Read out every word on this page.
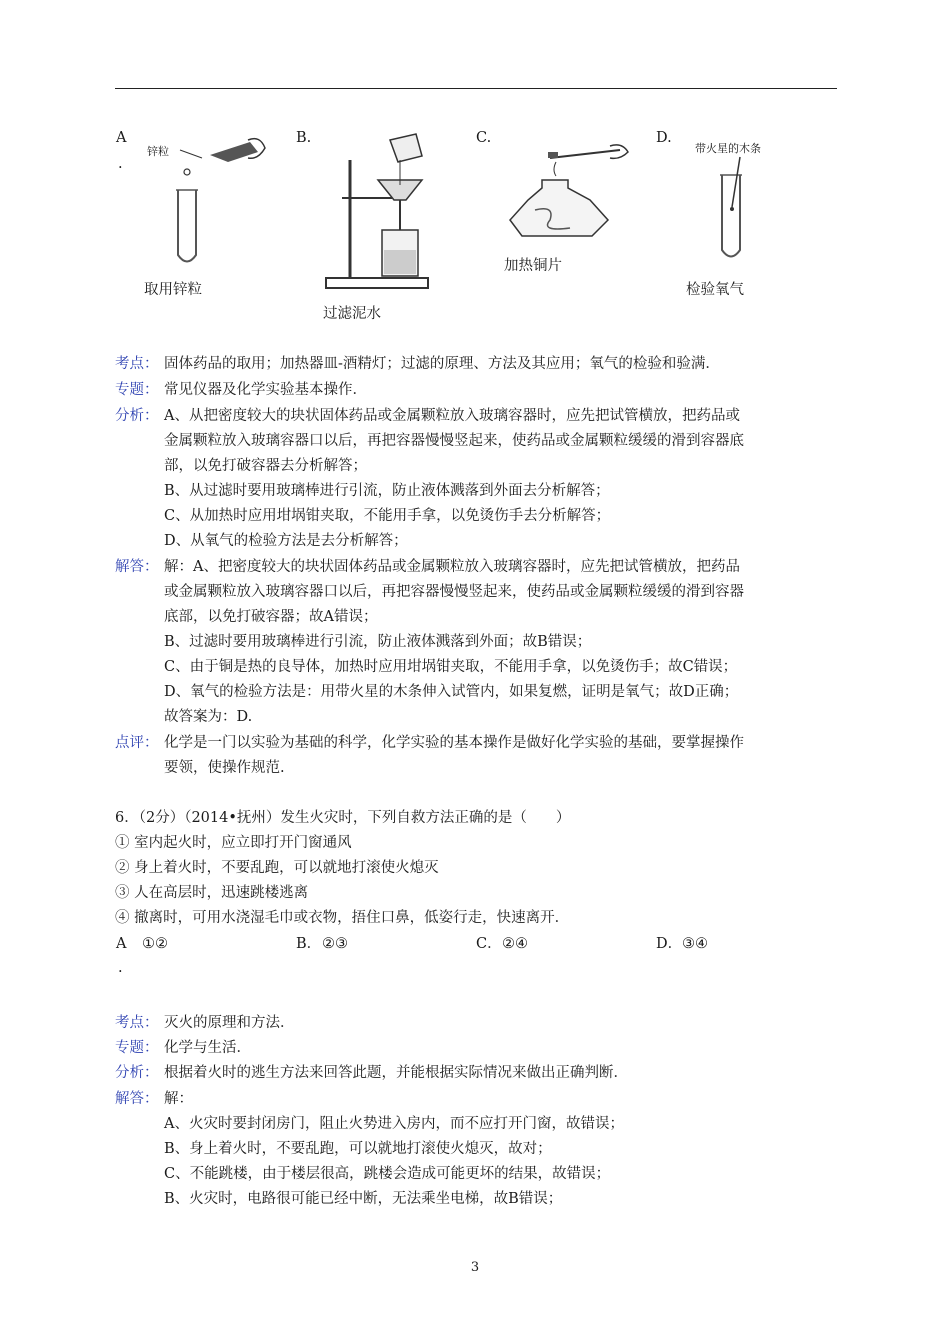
A
.
锌粒
取用锌粒
B.
过滤泥水
C.
加热铜片
D.
带火星的木条
检验氧气
考点： 固体药品的取用；加热器皿-酒精灯；过滤的原理、方法及其应用；氧气的检验和验满．
专题： 常见仪器及化学实验基本操作．
分析： A、从把密度较大的块状固体药品或金属颗粒放入玻璃容器时，应先把试管横放，把药品或
金属颗粒放入玻璃容器口以后，再把容器慢慢竖起来，使药品或金属颗粒缓缓的滑到容器底
部，以免打破容器去分析解答；
B、从过滤时要用玻璃棒进行引流，防止液体溅落到外面去分析解答；
C、从加热时应用坩埚钳夹取，不能用手拿，以免烫伤手去分析解答；
D、从氧气的检验方法是去分析解答；
解答： 解：A、把密度较大的块状固体药品或金属颗粒放入玻璃容器时，应先把试管横放，把药品
或金属颗粒放入玻璃容器口以后，再把容器慢慢竖起来，使药品或金属颗粒缓缓的滑到容器
底部，以免打破容器；故A错误；
B、过滤时要用玻璃棒进行引流，防止液体溅落到外面；故B错误；
C、由于铜是热的良导体，加热时应用坩埚钳夹取，不能用手拿，以免烫伤手；故C错误；
D、氧气的检验方法是：用带火星的木条伸入试管内，如果复燃，证明是氧气；故D正确；
故答案为：D.
点评： 化学是一门以实验为基础的科学，化学实验的基本操作是做好化学实验的基础，要掌握操作
要领，使操作规范.
6．（2分）（2014•抚州）发生火灾时，下列自救方法正确的是（　　）
① 室内起火时，应立即打开门窗通风
② 身上着火时，不要乱跑，可以就地打滚使火熄灭
③ 人在高层时，迅速跳楼逃离
④ 撤离时，可用水浇湿毛巾或衣物，捂住口鼻，低姿行走，快速离开．
A
.
①②	B． ②③	C． ②④	D． ③④
考点： 灭火的原理和方法．
专题： 化学与生活．
分析： 根据着火时的逃生方法来回答此题，并能根据实际情况来做出正确判断．
解答： 解：
A、火灾时要封闭房门，阻止火势进入房内，而不应打开门窗，故错误；
B、身上着火时，不要乱跑，可以就地打滚使火熄灭，故对；
C、不能跳楼，由于楼层很高，跳楼会造成可能更坏的结果，故错误；
B、火灾时，电路很可能已经中断，无法乘坐电梯，故B错误；
3
